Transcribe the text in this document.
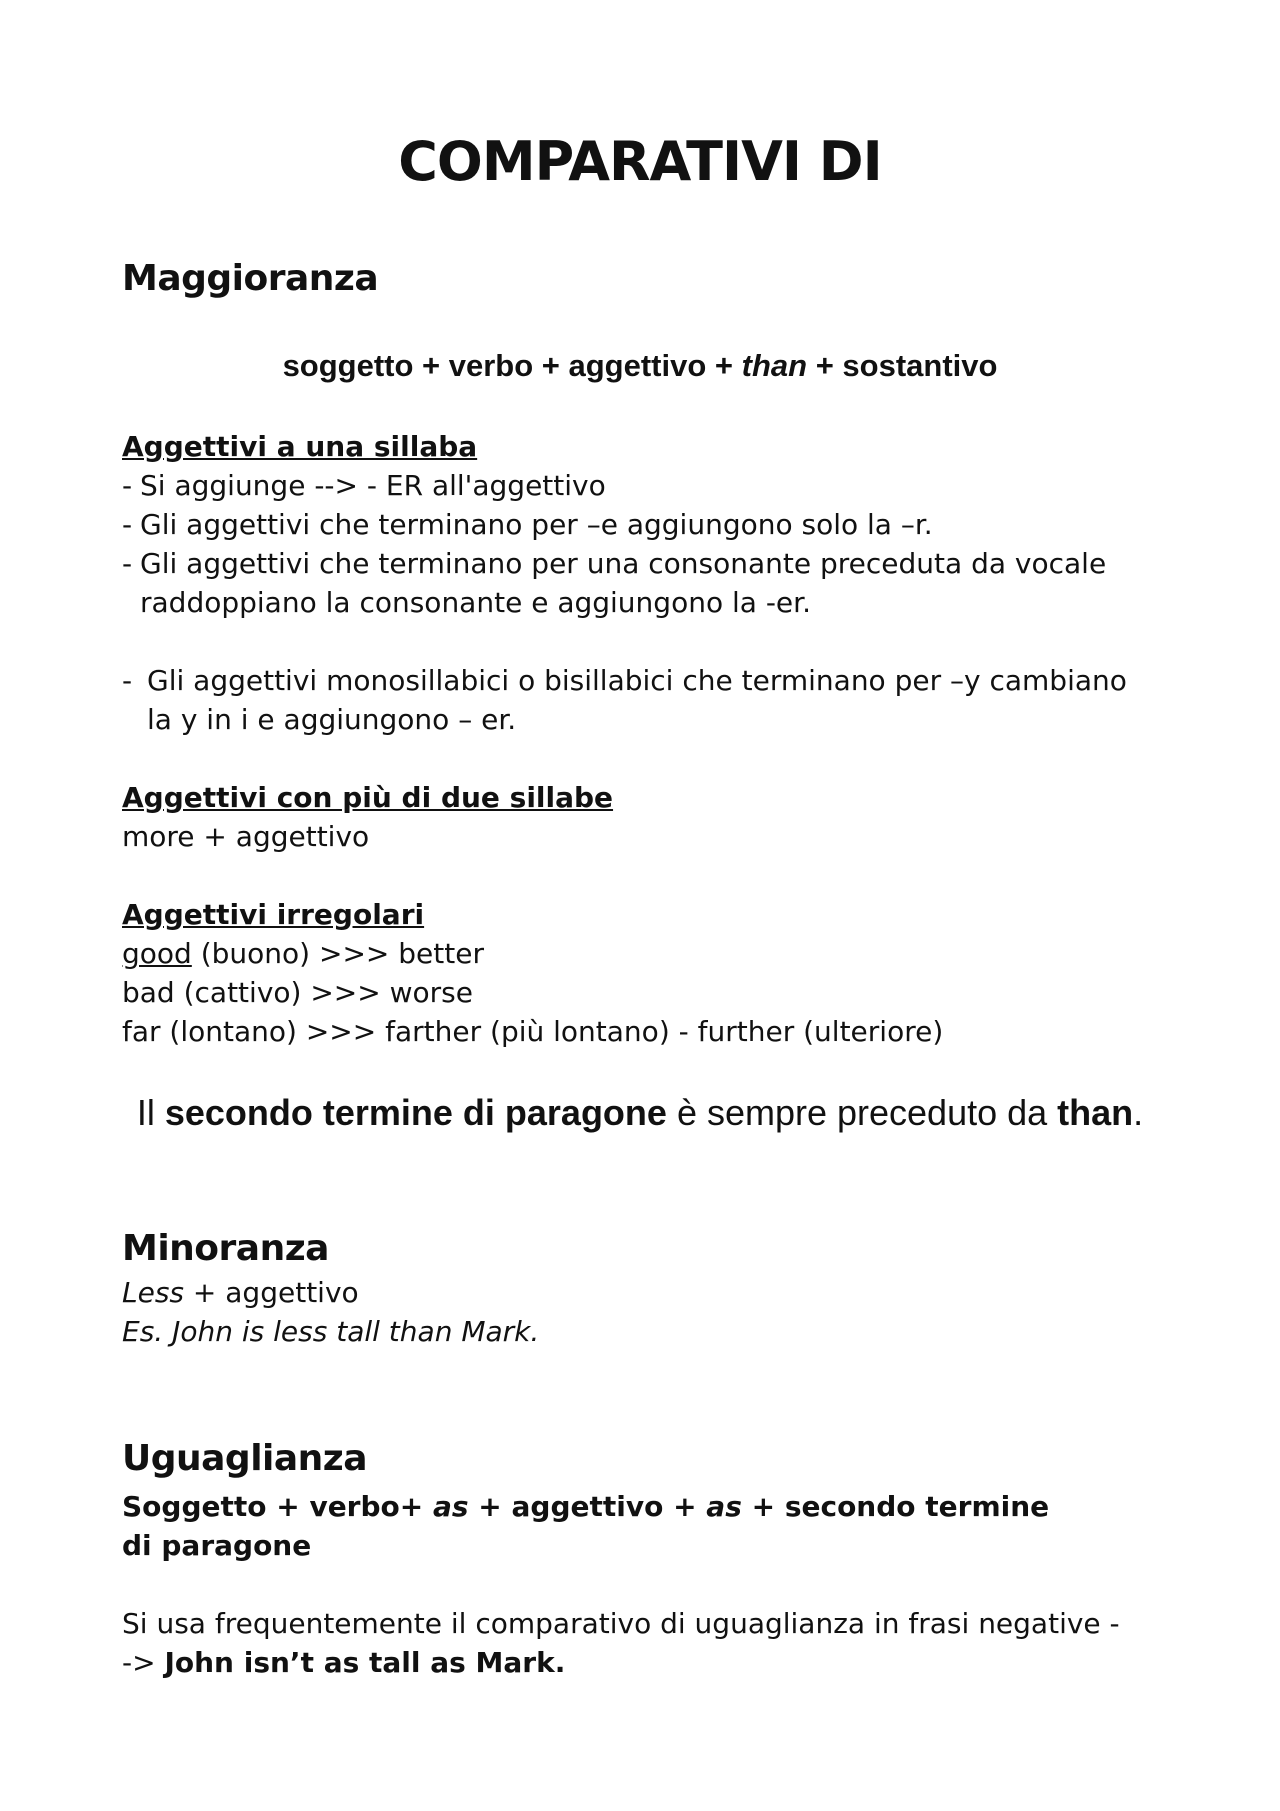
COMPARATIVI DI
Maggioranza
soggetto + verbo + aggettivo + than + sostantivo
Aggettivi a una sillaba
- Si aggiunge --> - ER all'aggettivo
- Gli aggettivi che terminano per –e aggiungono solo la –r.
- Gli aggettivi che terminano per una consonante preceduta da vocale raddoppiano la consonante e aggiungono la -er.
- Gli aggettivi monosillabici o bisillabici che terminano per –y cambiano la y in i e aggiungono – er.
Aggettivi con più di due sillabe
more + aggettivo
Aggettivi irregolari
good (buono) >>> better
bad (cattivo) >>> worse
far (lontano) >>> farther (più lontano) - further (ulteriore)
Il secondo termine di paragone è sempre preceduto da than.
Minoranza
Less + aggettivo
Es. John is less tall than Mark.
Uguaglianza
Soggetto + verbo+ as + aggettivo + as + secondo termine di paragone
Si usa frequentemente il comparativo di uguaglianza in frasi negative --> John isn’t as tall as Mark.
